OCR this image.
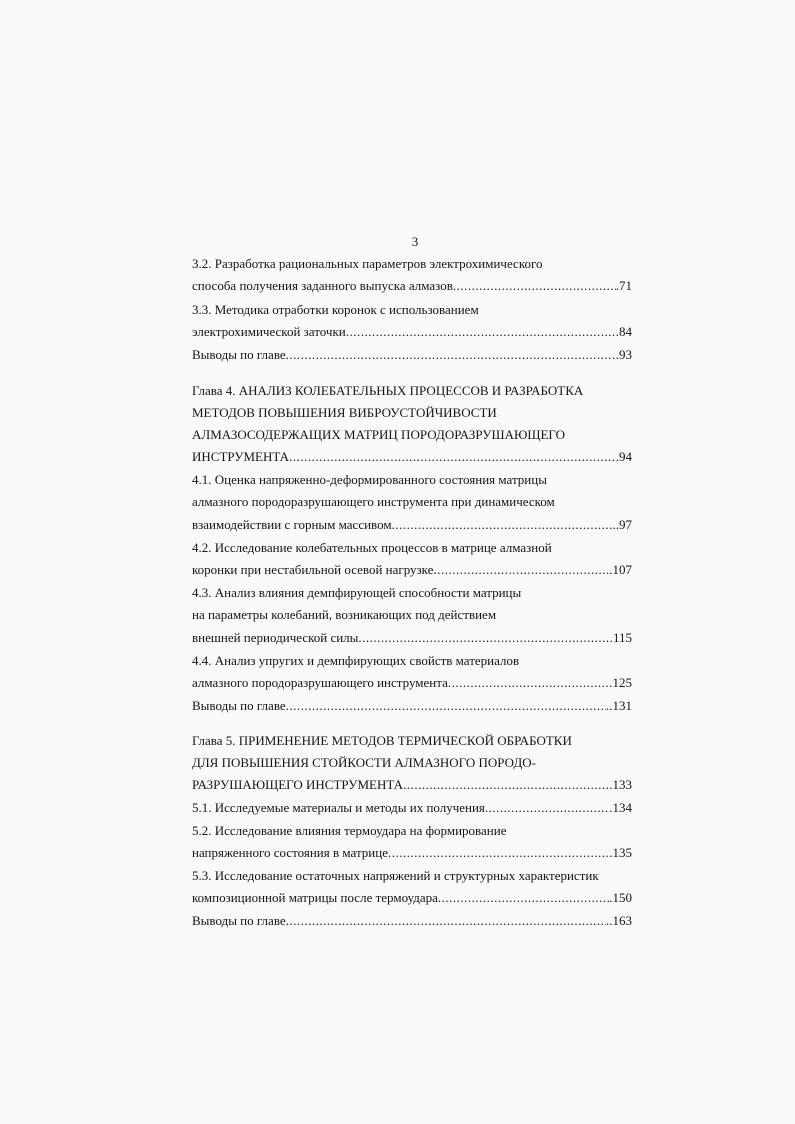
3
3.2. Разработка рациональных параметров электрохимического
способа получения заданного выпуска алмазов .....	.71
3.3. Методика отработки коронок с использованием
электрохимической заточки .....	.84
Выводы по главе .....	93
Глава 4. АНАЛИЗ КОЛЕБАТЕЛЬНЫХ ПРОЦЕССОВ И РАЗРАБОТКА
МЕТОДОВ ПОВЫШЕНИЯ ВИБРОУСТОЙЧИВОСТИ
АЛМАЗОСОДЕРЖАЩИХ МАТРИЦ ПОРОДОРАЗРУШАЮЩЕГО
ИНСТРУМЕНТА .....	.94
4.1. Оценка напряженно-деформированного состояния матрицы
алмазного породоразрушающего инструмента при динамическом
взаимодействии с горным массивом .....	..97
4.2. Исследование колебательных процессов в матрице алмазной
коронки при нестабильной осевой нагрузке .....	.107
4.3. Анализ влияния демпфирующей способности матрицы
на параметры колебаний, возникающих под действием
внешней периодической силы .....	115
4.4. Анализ упругих и демпфирующих свойств материалов
алмазного породоразрушающего инструмента .....	125
Выводы по главе .....	..131
Глава 5. ПРИМЕНЕНИЕ МЕТОДОВ ТЕРМИЧЕСКОЙ ОБРАБОТКИ
ДЛЯ ПОВЫШЕНИЯ СТОЙКОСТИ АЛМАЗНОГО ПОРОДО-
РАЗРУШАЮЩЕГО ИНСТРУМЕНТА .....	133
5.1. Исследуемые материалы и методы их получения .....	.134
5.2. Исследование влияния термоудара на формирование
напряженного состояния в матрице .....	135
5.3. Исследование остаточных напряжений и структурных характеристик
композиционной матрицы после термоудара .....	.150
Выводы по главе .....	..163
